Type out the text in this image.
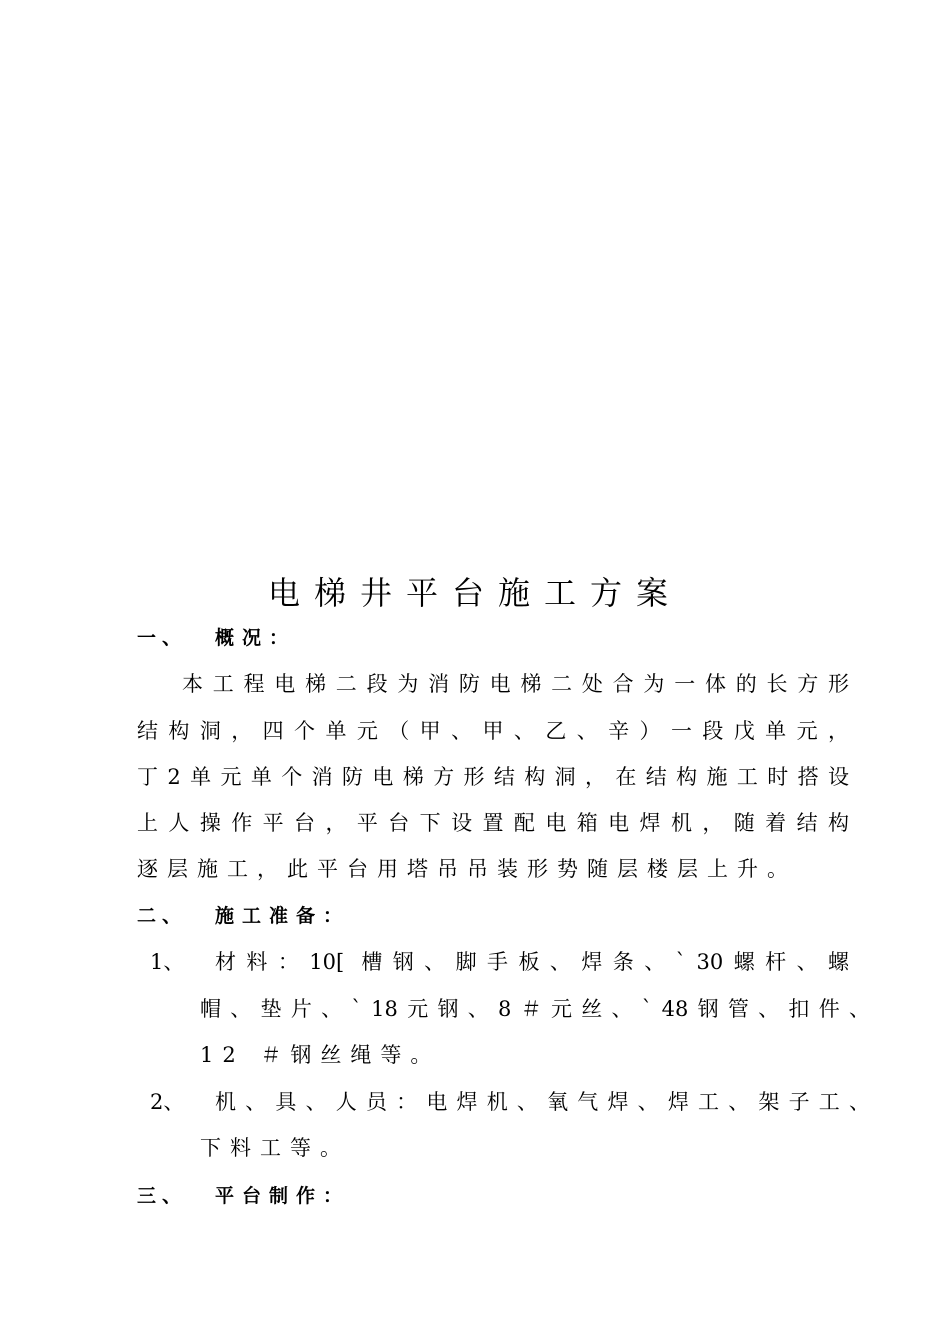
电梯井平台施工方案
一、 概况：
本工程电梯二段为消防电梯二处合为一体的长方形
结构洞，四个单元（甲、甲、乙、辛）一段戊单元，
丁2单元单个消防电梯方形结构洞，在结构施工时搭设
上人操作平台，平台下设置配电箱电焊机，随着结构
逐层施工，此平台用塔吊吊装形势随层楼层上升。
二、 施工准备：
1、 材料：10[ 槽钢、脚手板、焊条、ˋ30螺杆、螺
帽、垫片、ˋ18元钢、8＃元丝、ˋ48钢管、扣件、
12 ＃钢丝绳等。
2、 机、具、人员：电焊机、氧气焊、焊工、架子工、
下料工等。
三、 平台制作：
